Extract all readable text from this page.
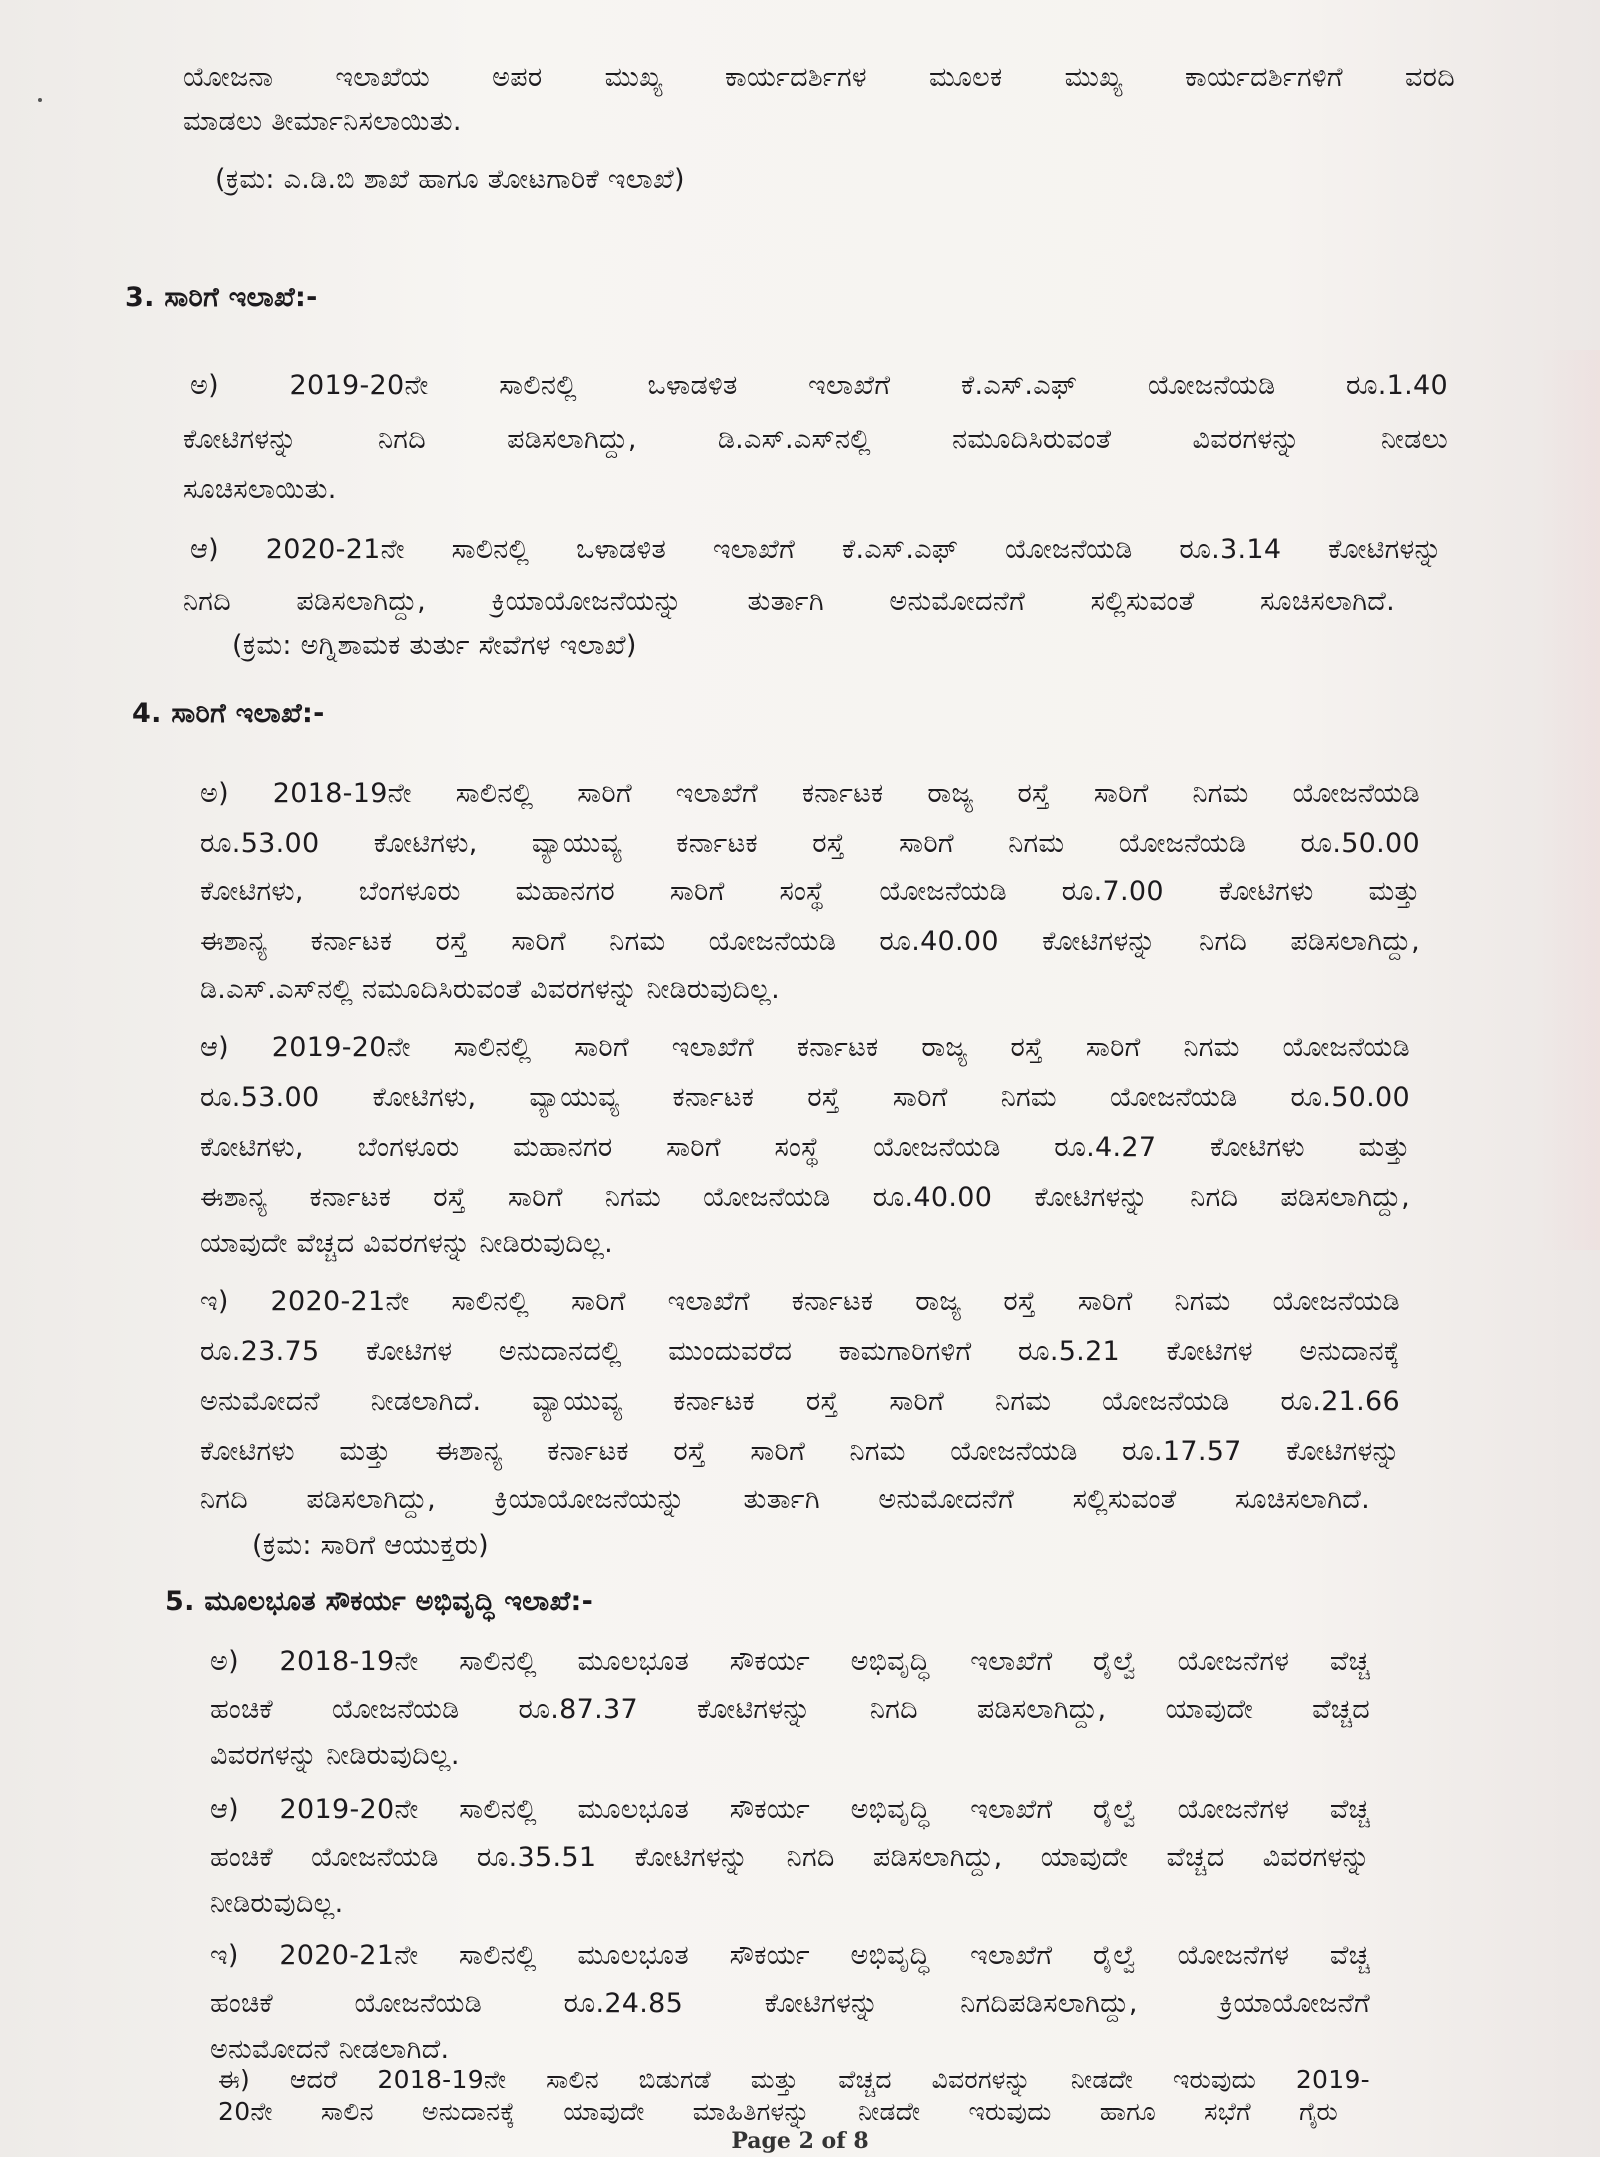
ಯೋಜನಾ ಇಲಾಖೆಯ ಅಪರ ಮುಖ್ಯ ಕಾರ್ಯದರ್ಶಿಗಳ ಮೂಲಕ ಮುಖ್ಯ ಕಾರ್ಯದರ್ಶಿಗಳಿಗೆ ವರದಿ
ಮಾಡಲು ತೀರ್ಮಾನಿಸಲಾಯಿತು.
(ಕ್ರಮ: ಎ.ಡಿ.ಬಿ ಶಾಖೆ ಹಾಗೂ ತೋಟಗಾರಿಕೆ ಇಲಾಖೆ)
3. ಸಾರಿಗೆ ಇಲಾಖೆ:-
ಅ) 2019-20ನೇ ಸಾಲಿನಲ್ಲಿ ಒಳಾಡಳಿತ ಇಲಾಖೆಗೆ ಕೆ.ಎಸ್.ಎಫ್ ಯೋಜನೆಯಡಿ ರೂ.1.40
ಕೋಟಿಗಳನ್ನು ನಿಗದಿ ಪಡಿಸಲಾಗಿದ್ದು, ಡಿ.ಎಸ್.ಎಸ್‌ನಲ್ಲಿ ನಮೂದಿಸಿರುವಂತೆ ವಿವರಗಳನ್ನು ನೀಡಲು
ಸೂಚಿಸಲಾಯಿತು.
ಆ) 2020-21ನೇ ಸಾಲಿನಲ್ಲಿ ಒಳಾಡಳಿತ ಇಲಾಖೆಗೆ ಕೆ.ಎಸ್.ಎಫ್ ಯೋಜನೆಯಡಿ ರೂ.3.14 ಕೋಟಿಗಳನ್ನು
ನಿಗದಿ ಪಡಿಸಲಾಗಿದ್ದು, ಕ್ರಿಯಾಯೋಜನೆಯನ್ನು ತುರ್ತಾಗಿ ಅನುಮೋದನೆಗೆ ಸಲ್ಲಿಸುವಂತೆ ಸೂಚಿಸಲಾಗಿದೆ.
(ಕ್ರಮ: ಅಗ್ನಿಶಾಮಕ ತುರ್ತು ಸೇವೆಗಳ ಇಲಾಖೆ)
4. ಸಾರಿಗೆ ಇಲಾಖೆ:-
ಅ) 2018-19ನೇ ಸಾಲಿನಲ್ಲಿ ಸಾರಿಗೆ ಇಲಾಖೆಗೆ ಕರ್ನಾಟಕ ರಾಜ್ಯ ರಸ್ತೆ ಸಾರಿಗೆ ನಿಗಮ ಯೋಜನೆಯಡಿ
ರೂ.53.00 ಕೋಟಿಗಳು, ವ್ಯಾಯುವ್ಯ ಕರ್ನಾಟಕ ರಸ್ತೆ ಸಾರಿಗೆ ನಿಗಮ ಯೋಜನೆಯಡಿ ರೂ.50.00
ಕೋಟಿಗಳು, ಬೆಂಗಳೂರು ಮಹಾನಗರ ಸಾರಿಗೆ ಸಂಸ್ಥೆ ಯೋಜನೆಯಡಿ ರೂ.7.00 ಕೋಟಿಗಳು ಮತ್ತು
ಈಶಾನ್ಯ ಕರ್ನಾಟಕ ರಸ್ತೆ ಸಾರಿಗೆ ನಿಗಮ ಯೋಜನೆಯಡಿ ರೂ.40.00 ಕೋಟಿಗಳನ್ನು ನಿಗದಿ ಪಡಿಸಲಾಗಿದ್ದು,
ಡಿ.ಎಸ್.ಎಸ್‌ನಲ್ಲಿ ನಮೂದಿಸಿರುವಂತೆ ವಿವರಗಳನ್ನು ನೀಡಿರುವುದಿಲ್ಲ.
ಆ) 2019-20ನೇ ಸಾಲಿನಲ್ಲಿ ಸಾರಿಗೆ ಇಲಾಖೆಗೆ ಕರ್ನಾಟಕ ರಾಜ್ಯ ರಸ್ತೆ ಸಾರಿಗೆ ನಿಗಮ ಯೋಜನೆಯಡಿ
ರೂ.53.00 ಕೋಟಿಗಳು, ವ್ಯಾಯುವ್ಯ ಕರ್ನಾಟಕ ರಸ್ತೆ ಸಾರಿಗೆ ನಿಗಮ ಯೋಜನೆಯಡಿ ರೂ.50.00
ಕೋಟಿಗಳು, ಬೆಂಗಳೂರು ಮಹಾನಗರ ಸಾರಿಗೆ ಸಂಸ್ಥೆ ಯೋಜನೆಯಡಿ ರೂ.4.27 ಕೋಟಿಗಳು ಮತ್ತು
ಈಶಾನ್ಯ ಕರ್ನಾಟಕ ರಸ್ತೆ ಸಾರಿಗೆ ನಿಗಮ ಯೋಜನೆಯಡಿ ರೂ.40.00 ಕೋಟಿಗಳನ್ನು ನಿಗದಿ ಪಡಿಸಲಾಗಿದ್ದು,
ಯಾವುದೇ ವೆಚ್ಚದ ವಿವರಗಳನ್ನು ನೀಡಿರುವುದಿಲ್ಲ.
ಇ) 2020-21ನೇ ಸಾಲಿನಲ್ಲಿ ಸಾರಿಗೆ ಇಲಾಖೆಗೆ ಕರ್ನಾಟಕ ರಾಜ್ಯ ರಸ್ತೆ ಸಾರಿಗೆ ನಿಗಮ ಯೋಜನೆಯಡಿ
ರೂ.23.75 ಕೋಟಿಗಳ ಅನುದಾನದಲ್ಲಿ ಮುಂದುವರೆದ ಕಾಮಗಾರಿಗಳಿಗೆ ರೂ.5.21 ಕೋಟಿಗಳ ಅನುದಾನಕ್ಕೆ
ಅನುಮೋದನೆ ನೀಡಲಾಗಿದೆ. ವ್ಯಾಯುವ್ಯ ಕರ್ನಾಟಕ ರಸ್ತೆ ಸಾರಿಗೆ ನಿಗಮ ಯೋಜನೆಯಡಿ ರೂ.21.66
ಕೋಟಿಗಳು ಮತ್ತು ಈಶಾನ್ಯ ಕರ್ನಾಟಕ ರಸ್ತೆ ಸಾರಿಗೆ ನಿಗಮ ಯೋಜನೆಯಡಿ ರೂ.17.57 ಕೋಟಿಗಳನ್ನು
ನಿಗದಿ ಪಡಿಸಲಾಗಿದ್ದು, ಕ್ರಿಯಾಯೋಜನೆಯನ್ನು ತುರ್ತಾಗಿ ಅನುಮೋದನೆಗೆ ಸಲ್ಲಿಸುವಂತೆ ಸೂಚಿಸಲಾಗಿದೆ.
(ಕ್ರಮ: ಸಾರಿಗೆ ಆಯುಕ್ತರು)
5. ಮೂಲಭೂತ ಸೌಕರ್ಯ ಅಭಿವೃದ್ಧಿ ಇಲಾಖೆ:-
ಅ) 2018-19ನೇ ಸಾಲಿನಲ್ಲಿ ಮೂಲಭೂತ ಸೌಕರ್ಯ ಅಭಿವೃದ್ಧಿ ಇಲಾಖೆಗೆ ರೈಲ್ವೆ ಯೋಜನೆಗಳ ವೆಚ್ಚ
ಹಂಚಿಕೆ ಯೋಜನೆಯಡಿ ರೂ.87.37 ಕೋಟಿಗಳನ್ನು ನಿಗದಿ ಪಡಿಸಲಾಗಿದ್ದು, ಯಾವುದೇ ವೆಚ್ಚದ
ವಿವರಗಳನ್ನು ನೀಡಿರುವುದಿಲ್ಲ.
ಆ) 2019-20ನೇ ಸಾಲಿನಲ್ಲಿ ಮೂಲಭೂತ ಸೌಕರ್ಯ ಅಭಿವೃದ್ಧಿ ಇಲಾಖೆಗೆ ರೈಲ್ವೆ ಯೋಜನೆಗಳ ವೆಚ್ಚ
ಹಂಚಿಕೆ ಯೋಜನೆಯಡಿ ರೂ.35.51 ಕೋಟಿಗಳನ್ನು ನಿಗದಿ ಪಡಿಸಲಾಗಿದ್ದು, ಯಾವುದೇ ವೆಚ್ಚದ ವಿವರಗಳನ್ನು
ನೀಡಿರುವುದಿಲ್ಲ.
ಇ) 2020-21ನೇ ಸಾಲಿನಲ್ಲಿ ಮೂಲಭೂತ ಸೌಕರ್ಯ ಅಭಿವೃದ್ಧಿ ಇಲಾಖೆಗೆ ರೈಲ್ವೆ ಯೋಜನೆಗಳ ವೆಚ್ಚ
ಹಂಚಿಕೆ ಯೋಜನೆಯಡಿ ರೂ.24.85 ಕೋಟಿಗಳನ್ನು ನಿಗದಿಪಡಿಸಲಾಗಿದ್ದು, ಕ್ರಿಯಾಯೋಜನೆಗೆ
ಅನುಮೋದನೆ ನೀಡಲಾಗಿದೆ.
ಈ) ಆದರೆ 2018-19ನೇ ಸಾಲಿನ ಬಿಡುಗಡೆ ಮತ್ತು ವೆಚ್ಚದ ವಿವರಗಳನ್ನು ನೀಡದೇ ಇರುವುದು 2019-
20ನೇ ಸಾಲಿನ ಅನುದಾನಕ್ಕೆ ಯಾವುದೇ ಮಾಹಿತಿಗಳನ್ನು ನೀಡದೇ ಇರುವುದು ಹಾಗೂ ಸಭೆಗೆ ಗೈರು
Page 2 of 8
